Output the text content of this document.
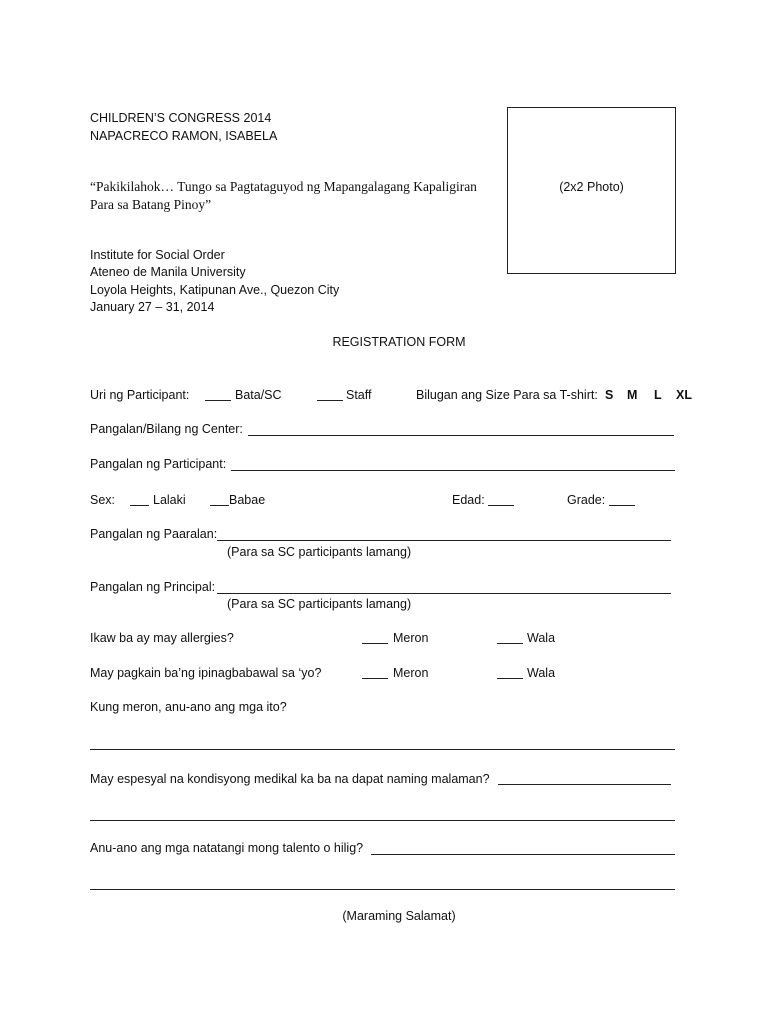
CHILDREN’S CONGRESS 2014
NAPACRECO RAMON, ISABELA
“Pakikilahok… Tungo sa Pagtataguyod ng Mapangalagang Kapaligiran
Para sa Batang Pinoy”
Institute for Social Order
Ateneo de Manila University
Loyola Heights, Katipunan Ave., Quezon City
January 27 – 31, 2014
(2x2 Photo)
REGISTRATION FORM
Uri ng Participant:	Bata/SC	Staff	Bilugan ang Size Para sa T-shirt: S M L XL
Pangalan/Bilang ng Center:
Pangalan ng Participant:
Sex:	Lalaki	Babae	Edad:	Grade:
Pangalan ng Paaralan:
(Para sa SC participants lamang)
Pangalan ng Principal:
(Para sa SC participants lamang)
Ikaw ba ay may allergies?	Meron	Wala
May pagkain ba’ng ipinagbabawal sa ‘yo?	Meron	Wala
Kung meron, anu-ano ang mga ito?
May espesyal na kondisyong medikal ka ba na dapat naming malaman?
Anu-ano ang mga natatangi mong talento o hilig?
(Maraming Salamat)
